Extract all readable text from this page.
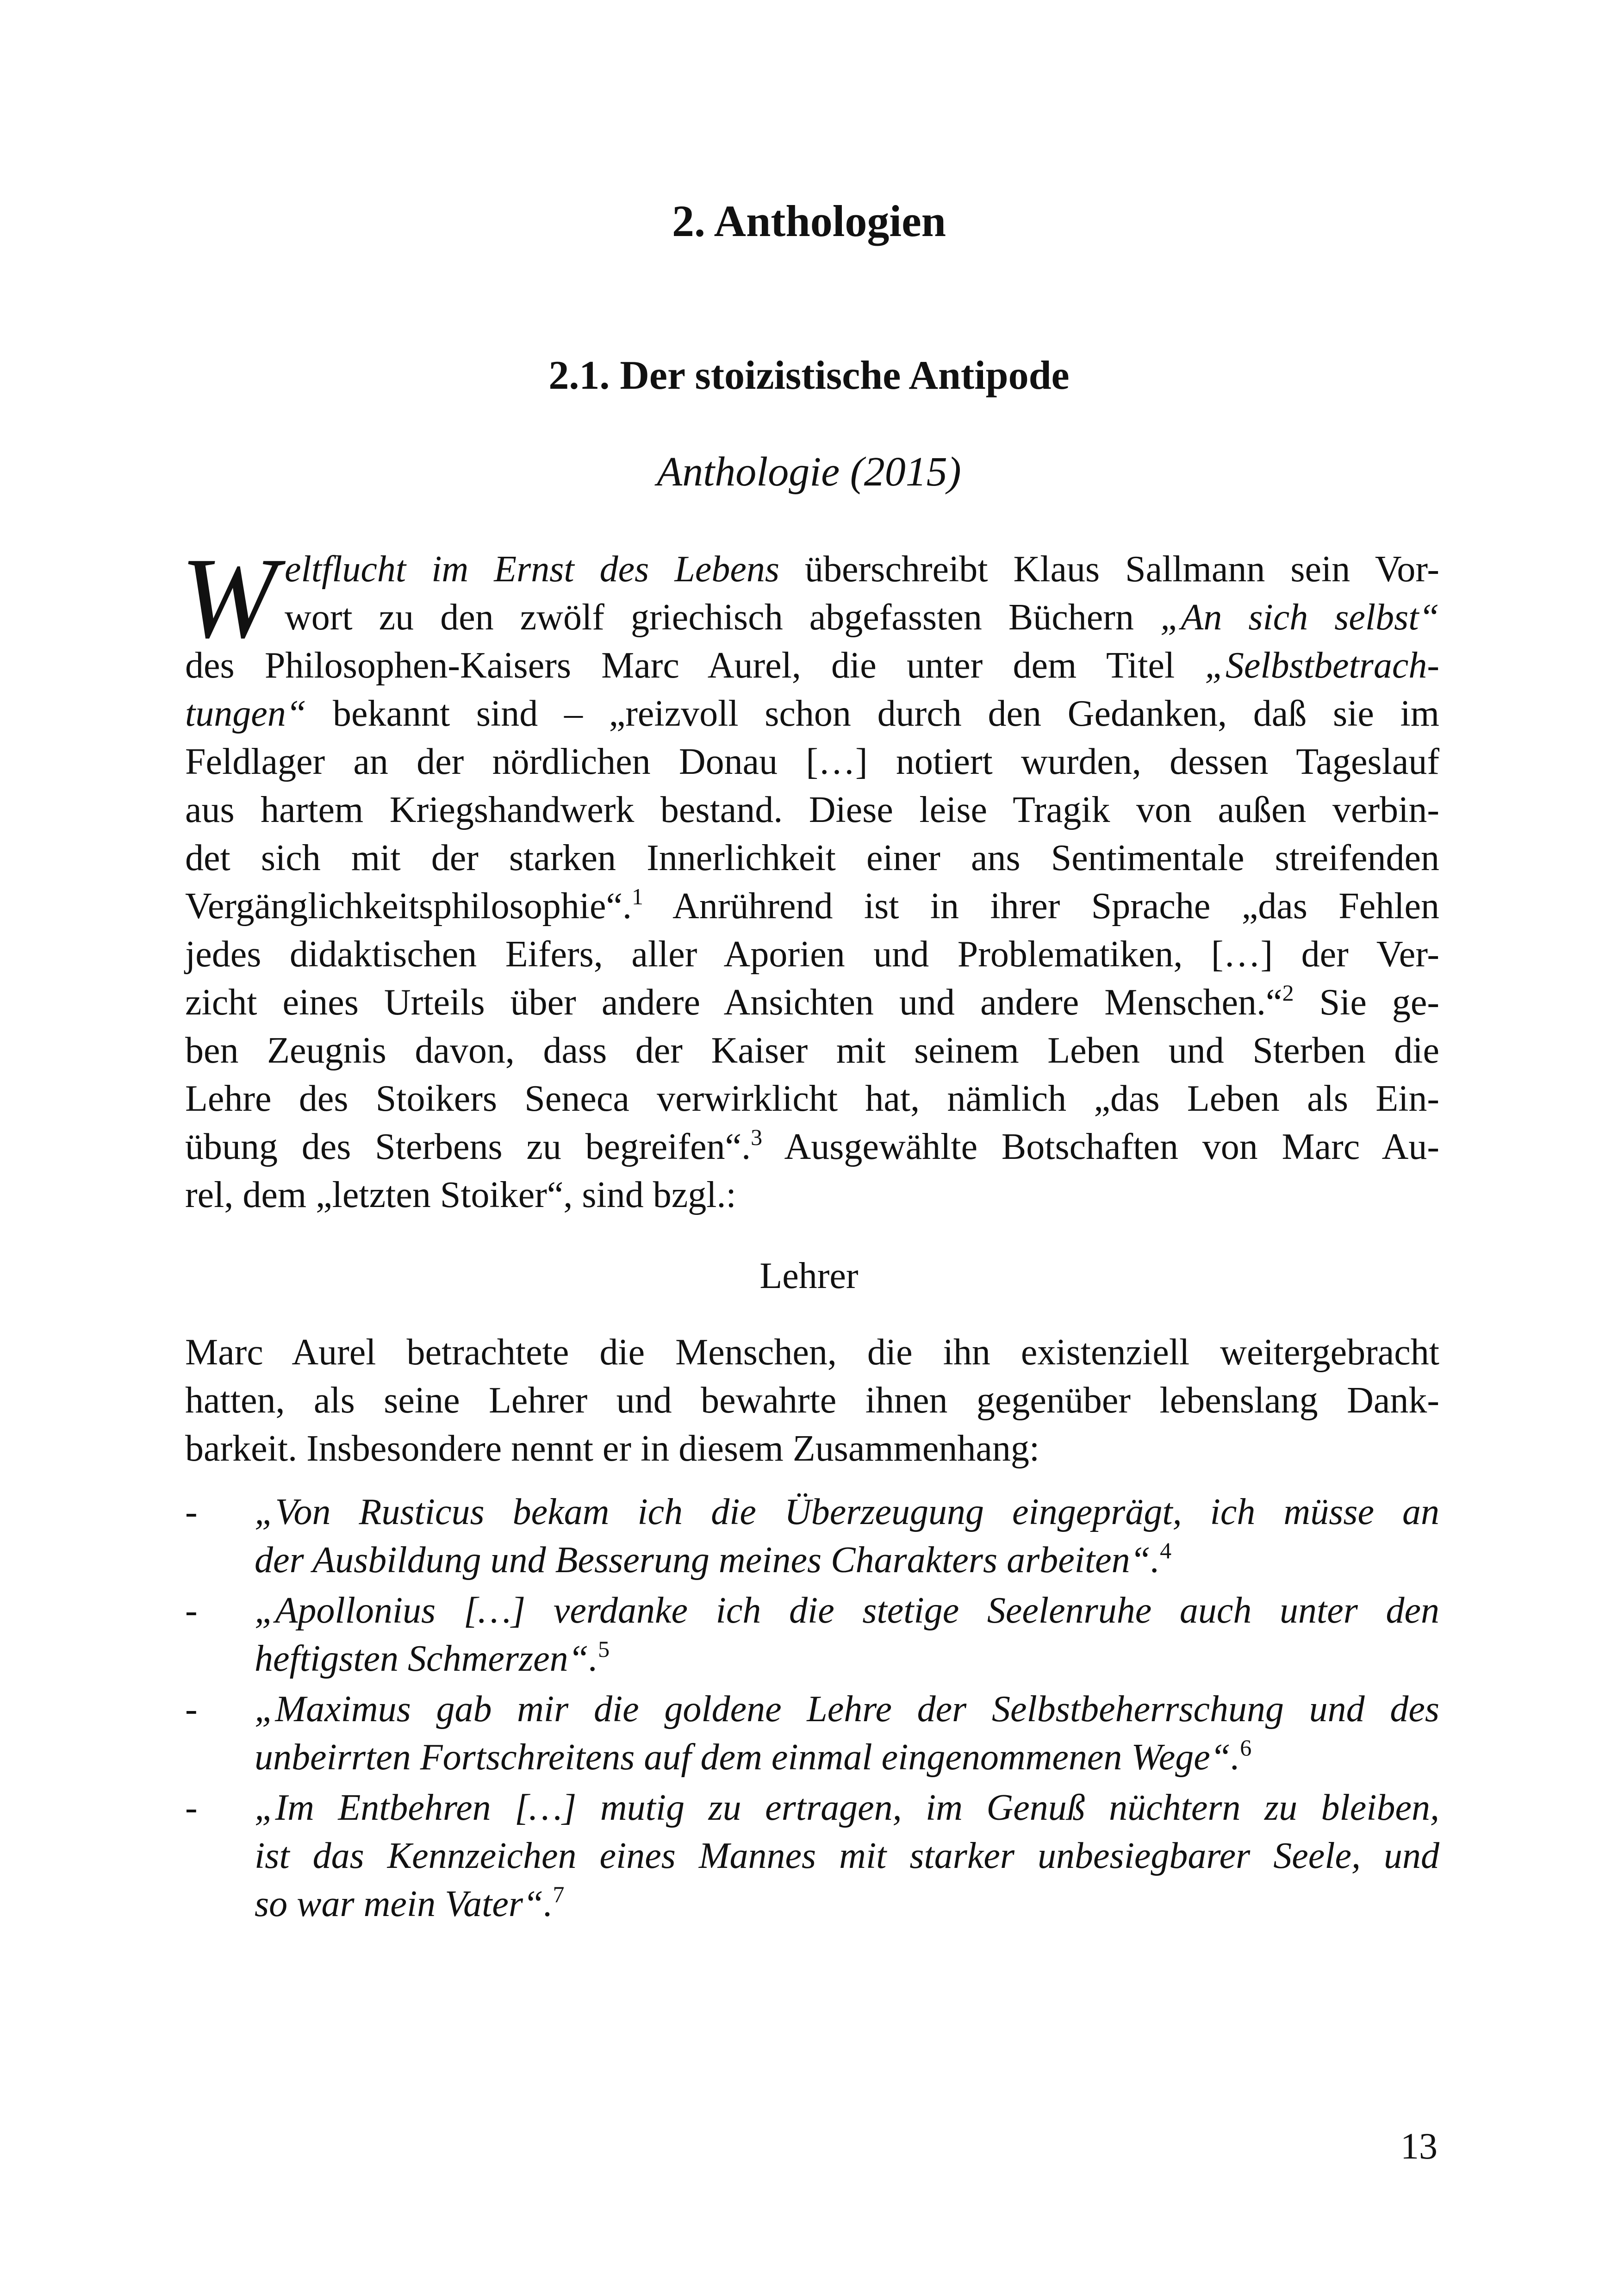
2. Anthologien
2.1. Der stoizistische Antipode
Anthologie (2015)
W eltflucht im Ernst des Lebens überschreibt Klaus Sallmann sein Vor-
wort zu den zwölf griechisch abgefassten Büchern „An sich selbst“
des Philosophen-Kaisers Marc Aurel, die unter dem Titel „Selbstbetrach-
tungen“ bekannt sind – „reizvoll schon durch den Gedanken, daß sie im
Feldlager an der nördlichen Donau […] notiert wurden, dessen Tageslauf
aus hartem Kriegshandwerk bestand. Diese leise Tragik von außen verbin-
det sich mit der starken Innerlichkeit einer ans Sentimentale streifenden
Vergänglichkeitsphilosophie“.$^1$ Anrührend ist in ihrer Sprache „das Fehlen
jedes didaktischen Eifers, aller Aporien und Problematiken, […] der Ver-
zicht eines Urteils über andere Ansichten und andere Menschen.“$^2$ Sie ge-
ben Zeugnis davon, dass der Kaiser mit seinem Leben und Sterben die
Lehre des Stoikers Seneca verwirklicht hat, nämlich „das Leben als Ein-
übung des Sterbens zu begreifen“.$^3$ Ausgewählte Botschaften von Marc Au-
rel, dem „letzten Stoiker“, sind bzgl.:
Lehrer
Marc Aurel betrachtete die Menschen, die ihn existenziell weitergebracht
hatten, als seine Lehrer und bewahrte ihnen gegenüber lebenslang Dank-
barkeit. Insbesondere nennt er in diesem Zusammenhang:
- „Von Rusticus bekam ich die Überzeugung eingeprägt, ich müsse an
der Ausbildung und Besserung meines Charakters arbeiten“.$^4$
- „Apollonius […] verdanke ich die stetige Seelenruhe auch unter den
heftigsten Schmerzen“.$^5$
- „Maximus gab mir die goldene Lehre der Selbstbeherrschung und des
unbeirrten Fortschreitens auf dem einmal eingenommenen Wege“.$^6$
- „Im Entbehren […] mutig zu ertragen, im Genuß nüchtern zu bleiben,
ist das Kennzeichen eines Mannes mit starker unbesiegbarer Seele, und
so war mein Vater“.$^7$
13
